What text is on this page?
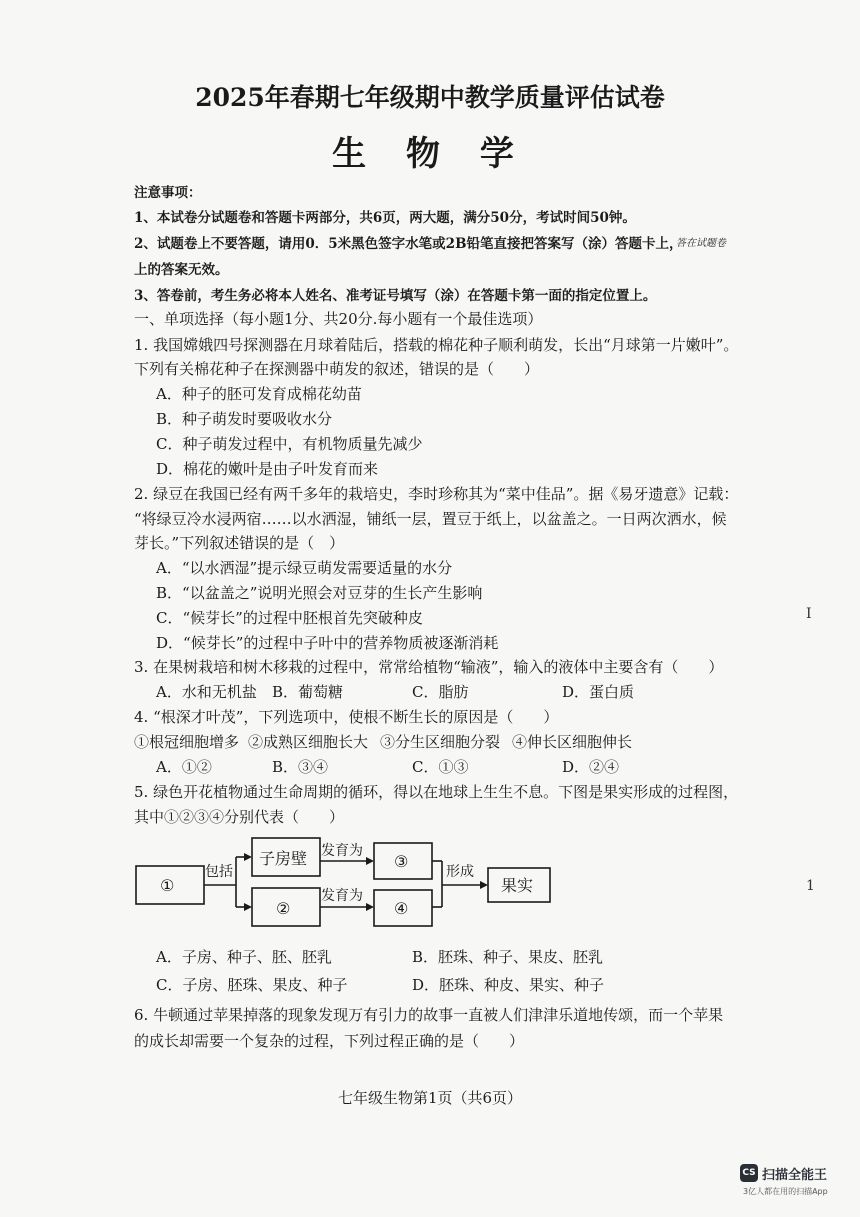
2025年春期七年级期中教学质量评估试卷
生 物 学
注意事项：
1、本试卷分试题卷和答题卡两部分，共6页，两大题，满分50分，考试时间50钟。
2、试题卷上不要答题，请用0．5米黑色签字水笔或2B铅笔直接把答案写（涂）答题卡上，
答在试题卷
上的答案无效。
3、答卷前，考生务必将本人姓名、准考证号填写（涂）在答题卡第一面的指定位置上。
一、单项选择（每小题1分、共20分.每小题有一个最佳选项）
1. 我国嫦娥四号探测器在月球着陆后，搭载的棉花种子顺利萌发，长出“月球第一片嫩叶”。
下列有关棉花种子在探测器中萌发的叙述，错误的是（　　）
A．种子的胚可发育成棉花幼苗
B．种子萌发时要吸收水分
C．种子萌发过程中，有机物质量先减少
D．棉花的嫩叶是由子叶发育而来
2. 绿豆在我国已经有两千多年的栽培史，李时珍称其为“菜中佳品”。据《易牙遗意》记载：
“将绿豆冷水浸两宿……以水洒湿，铺纸一层，置豆于纸上，以盆盖之。一日两次洒水，候
芽长。”下列叙述错误的是（　）
A．“以水洒湿”提示绿豆萌发需要适量的水分
B．“以盆盖之”说明光照会对豆芽的生长产生影响
C．“候芽长”的过程中胚根首先突破种皮
D．“候芽长”的过程中子叶中的营养物质被逐渐消耗
3. 在果树栽培和树木移栽的过程中，常常给植物“输液”，输入的液体中主要含有（　　）
A．水和无机盐 B．葡萄糖	C．脂肪	D．蛋白质
4. “根深才叶茂”，下列选项中，使根不断生长的原因是（　　）
①根冠细胞增多 ②成熟区细胞长大 ③分生区细胞分裂 ④伸长区细胞伸长
A．①②	B．③④	C．①③	D．②④
5. 绿色开花植物通过生命周期的循环，得以在地球上生生不息。下图是果实形成的过程图，
其中①②③④分别代表（　　）
①
包括
子房壁
②
发育为
发育为
③
④
形成
果实
A．子房、种子、胚、胚乳	B．胚珠、种子、果皮、胚乳
C．子房、胚珠、果皮、种子	D．胚珠、种皮、果实、种子
6. 牛顿通过苹果掉落的现象发现万有引力的故事一直被人们津津乐道地传颂，而一个苹果
的成长却需要一个复杂的过程，下列过程正确的是（　　）
七年级生物第1页（共6页）
I
1
CS 扫描全能王
3亿人都在用的扫描App
